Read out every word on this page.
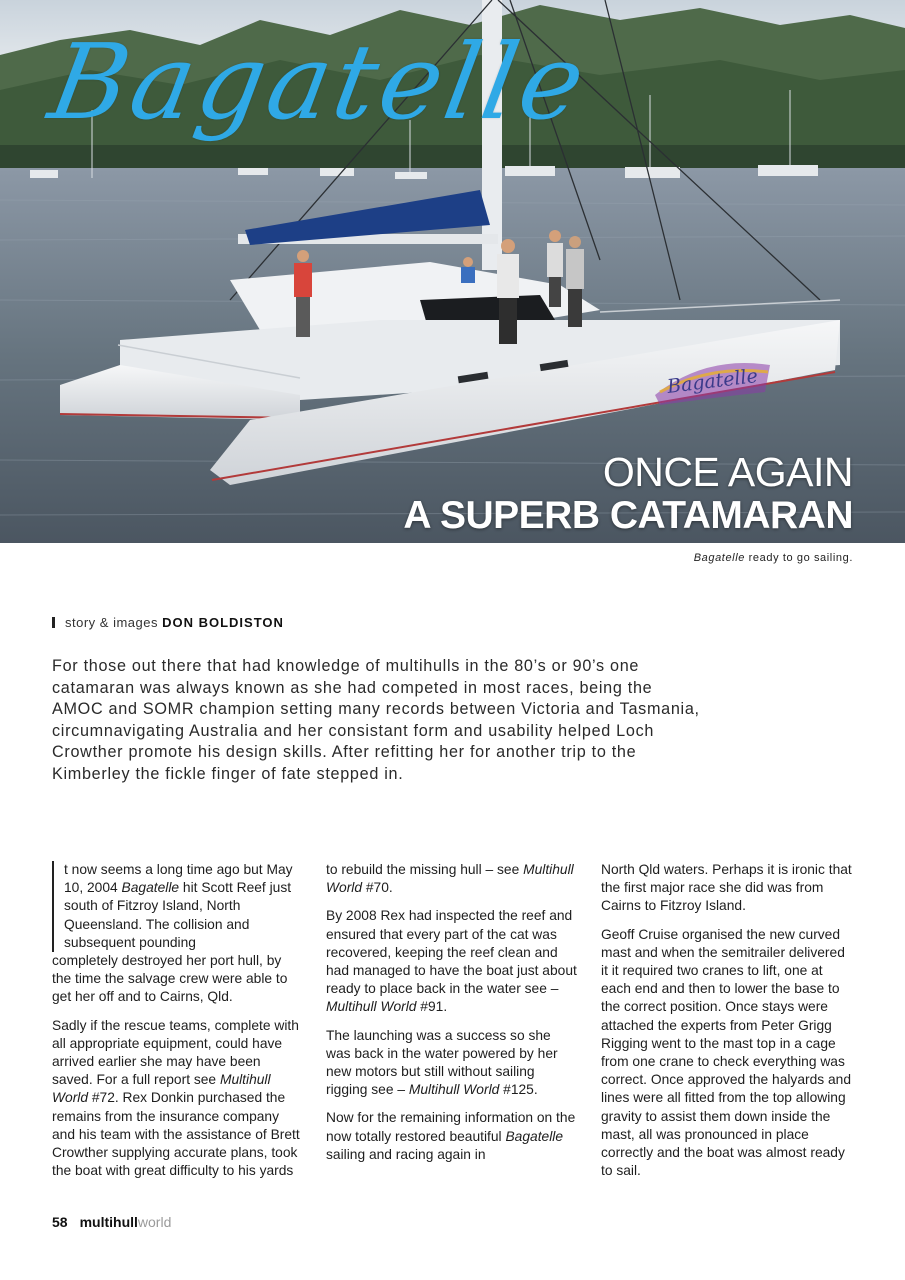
Bagatelle
Bagatelle
ONCE AGAIN
A SUPERB CATAMARAN
Bagatelle ready to go sailing.
story & images DON BOLDISTON
For those out there that had knowledge of multihulls in the 80’s or 90’s one catamaran was always known as she had competed in most races, being the AMOC and SOMR champion setting many records between Victoria and Tasmania, circumnavigating Australia and her consistant form and usability helped Loch Crowther promote his design skills. After refitting her for another trip to the Kimberley the fickle finger of fate stepped in.

t now seems a long time ago but May 10, 2004 Bagatelle hit Scott Reef just south of Fitzroy Island, North Queensland. The collision and subsequent pounding
completely destroyed her port hull, by the time the salvage crew were able to get her off and to Cairns, Qld.

Sadly if the rescue teams, complete with all appropriate equipment, could have arrived earlier she may have been saved. For a full report see Multihull World #72. Rex Donkin purchased the remains from the insurance company and his team with the assistance of Brett Crowther supplying accurate plans, took the boat with great difficulty to his yards

to rebuild the missing hull – see Multihull World #70.

By 2008 Rex had inspected the reef and ensured that every part of the cat was recovered, keeping the reef clean and had managed to have the boat just about ready to place back in the water see – Multihull World #91.

The launching was a success so she was back in the water powered by her new motors but still without sailing rigging see – Multihull World #125.

Now for the remaining information on the now totally restored beautiful Bagatelle sailing and racing again in

North Qld waters. Perhaps it is ironic that the first major race she did was from Cairns to Fitzroy Island.

Geoff Cruise organised the new curved mast and when the semitrailer delivered it it required two cranes to lift, one at each end and then to lower the base to the correct position. Once stays were attached the experts from Peter Grigg Rigging went to the mast top in a cage from one crane to check everything was correct. Once approved the halyards and lines were all fitted from the top allowing gravity to assist them down inside the mast, all was pronounced in place correctly and the boat was almost ready to sail.

58 multihullworld
